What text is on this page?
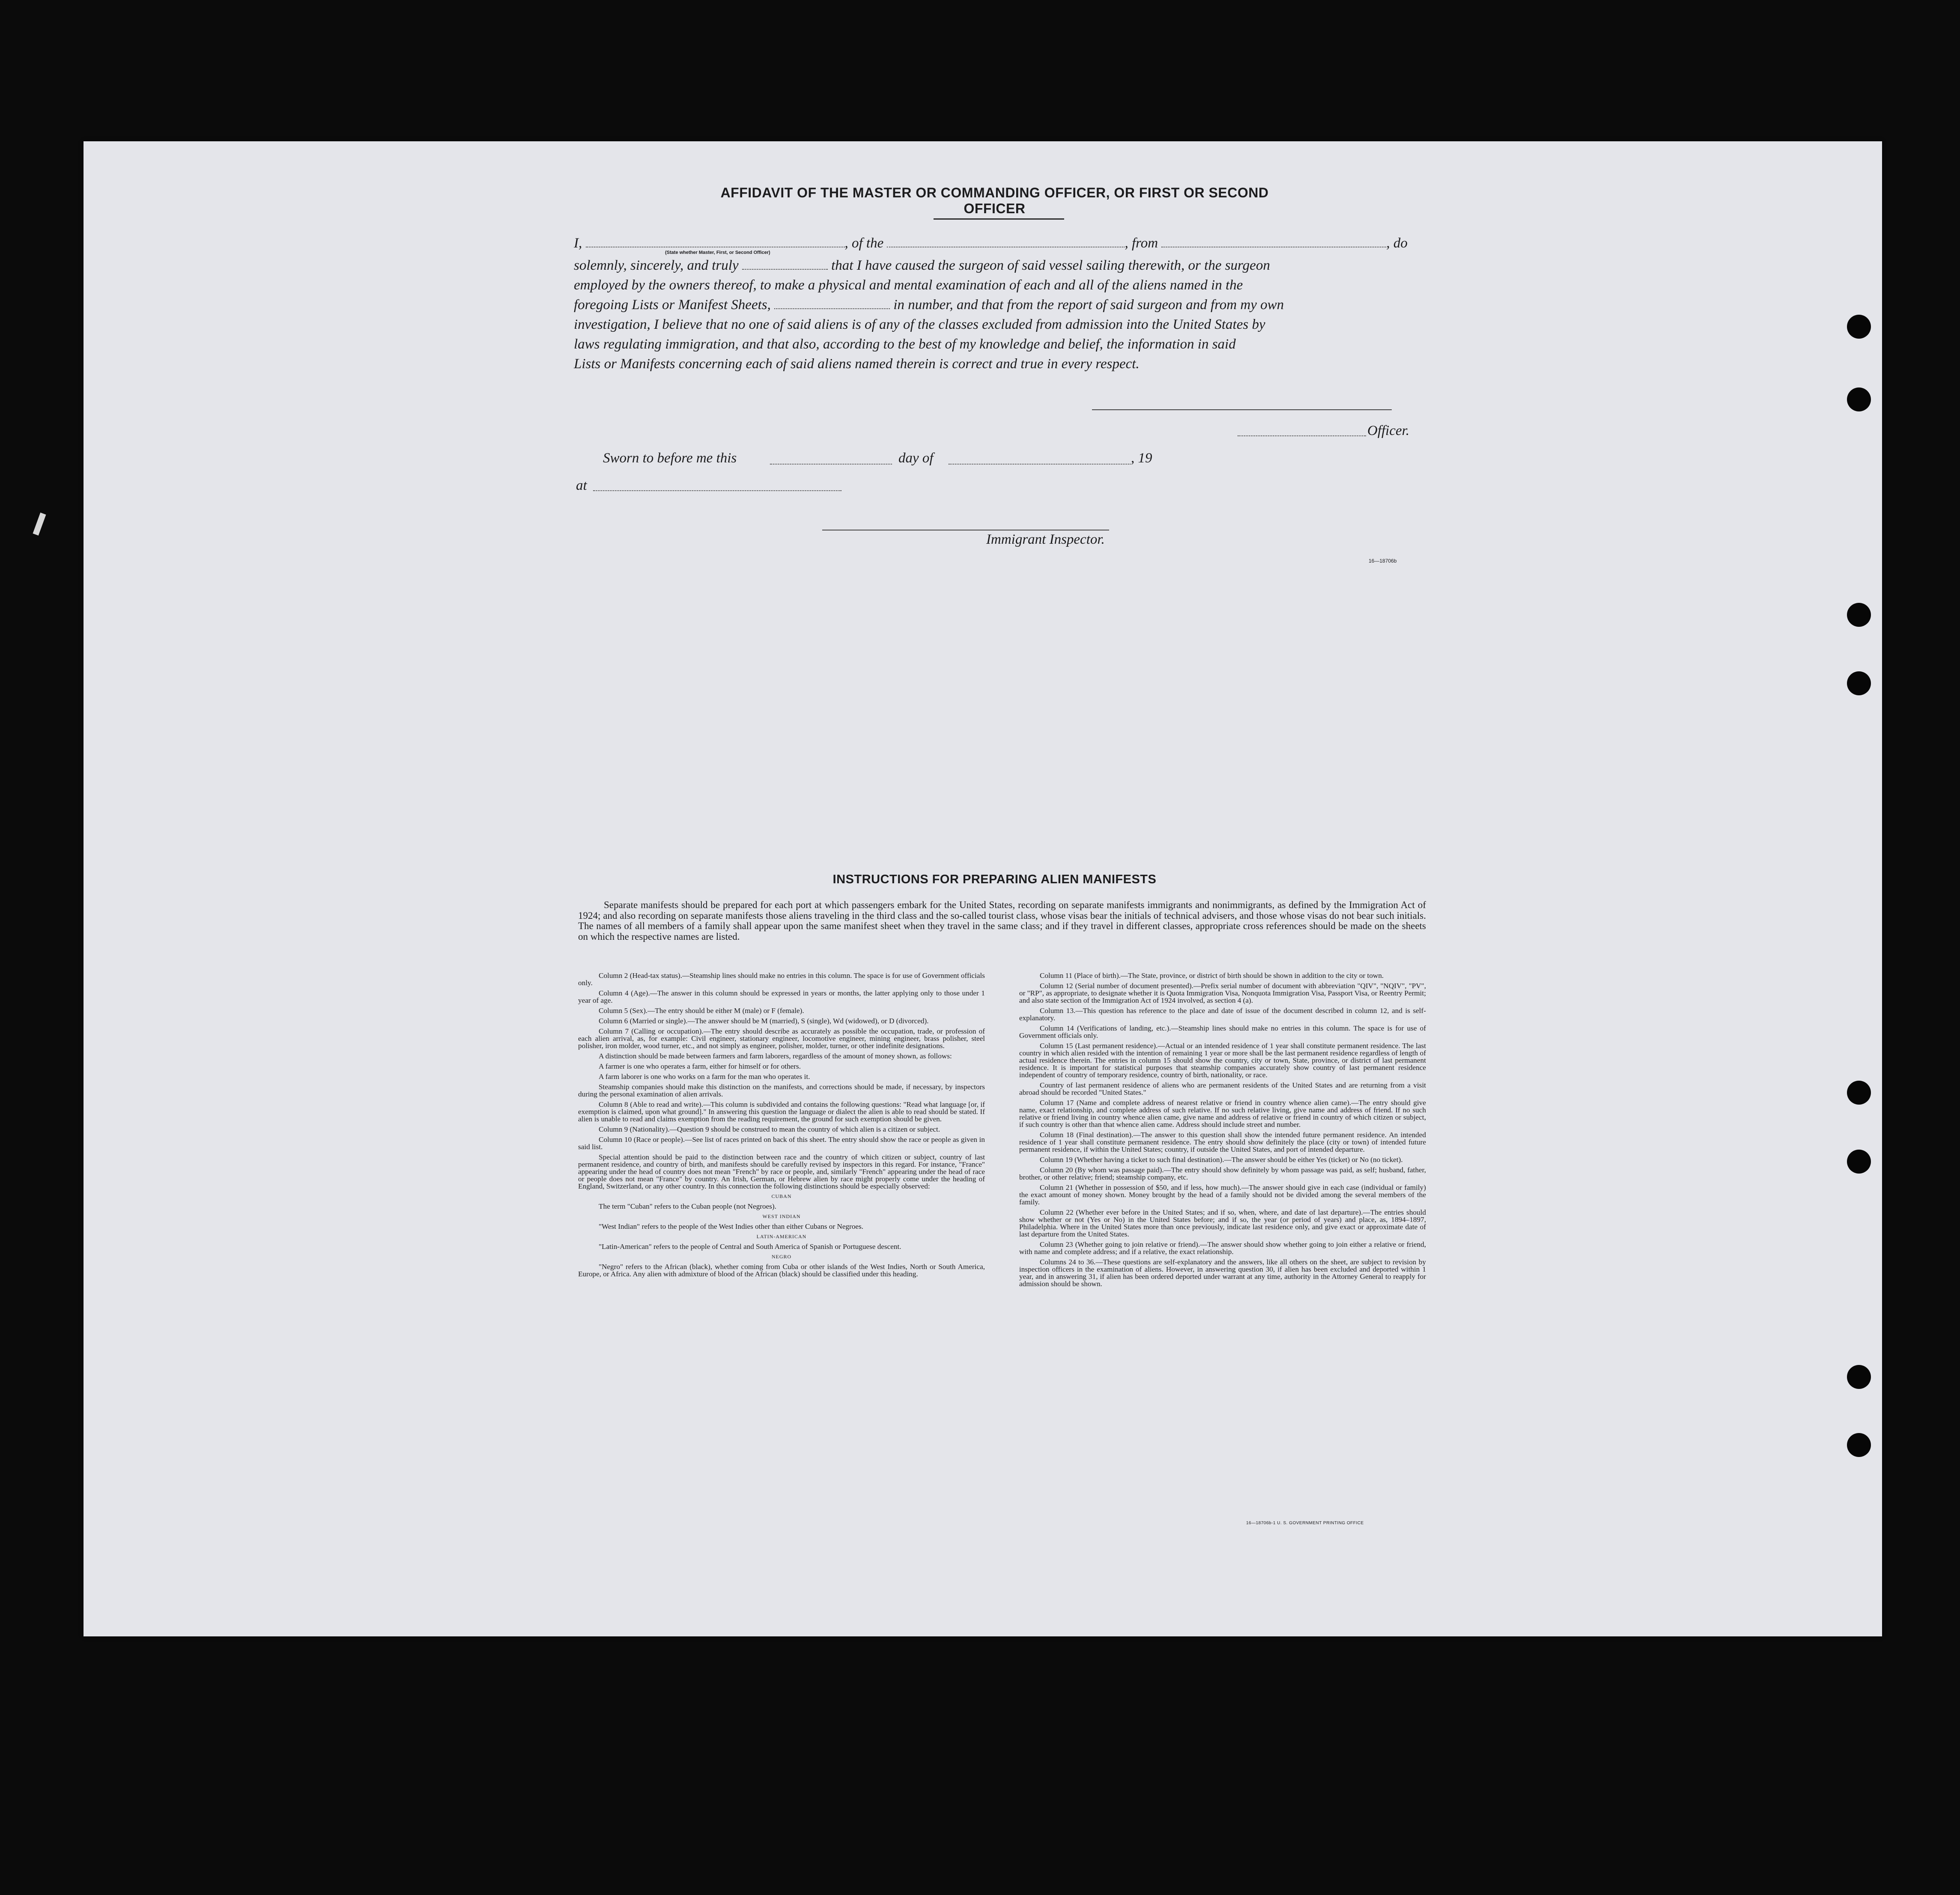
AFFIDAVIT OF THE MASTER OR COMMANDING OFFICER, OR FIRST OR SECOND OFFICER
I,	, of the	, from	, do
(State whether Master, First, or Second Officer)
solemnly, sincerely, and truly	that I have caused the surgeon of said vessel sailing therewith, or the surgeon
employed by the owners thereof, to make a physical and mental examination of each and all of the aliens named in the
foregoing Lists or Manifest Sheets,	in number, and that from the report of said surgeon and from my own
investigation, I believe that no one of said aliens is of any of the classes excluded from admission into the United States by
laws regulating immigration, and that also, according to the best of my knowledge and belief, the information in said
Lists or Manifests concerning each of said aliens named therein is correct and true in every respect.
Officer.
Sworn to before me this	day of	, 19
at
Immigrant Inspector.
16—18706b
INSTRUCTIONS FOR PREPARING ALIEN MANIFESTS
Separate manifests should be prepared for each port at which passengers embark for the United States, recording on separate manifests immigrants and nonimmigrants, as defined by the Immigration Act of 1924; and also recording on separate manifests those aliens traveling in the third class and the so-called tourist class, whose visas bear the initials of technical advisers, and those whose visas do not bear such initials. The names of all members of a family shall appear upon the same manifest sheet when they travel in the same class; and if they travel in different classes, appropriate cross references should be made on the sheets on which the respective names are listed.

Column 2 (Head-tax status).—Steamship lines should make no entries in this column. The space is for use of Government officials only.

Column 4 (Age).—The answer in this column should be expressed in years or months, the latter applying only to those under 1 year of age.

Column 5 (Sex).—The entry should be either M (male) or F (female).

Column 6 (Married or single).—The answer should be M (married), S (single), Wd (widowed), or D (divorced).

Column 7 (Calling or occupation).—The entry should describe as accurately as possible the occupation, trade, or profession of each alien arrival, as, for example: Civil engineer, stationary engineer, locomotive engineer, mining engineer, brass polisher, steel polisher, iron molder, wood turner, etc., and not simply as engineer, polisher, molder, turner, or other indefinite designations.

A distinction should be made between farmers and farm laborers, regardless of the amount of money shown, as follows:

A farmer is one who operates a farm, either for himself or for others.

A farm laborer is one who works on a farm for the man who operates it.

Steamship companies should make this distinction on the manifests, and corrections should be made, if necessary, by inspectors during the personal examination of alien arrivals.

Column 8 (Able to read and write).—This column is subdivided and contains the following questions: "Read what language [or, if exemption is claimed, upon what ground]." In answering this question the language or dialect the alien is able to read should be stated. If alien is unable to read and claims exemption from the reading requirement, the ground for such exemption should be given.

Column 9 (Nationality).—Question 9 should be construed to mean the country of which alien is a citizen or subject.

Column 10 (Race or people).—See list of races printed on back of this sheet. The entry should show the race or people as given in said list.

Special attention should be paid to the distinction between race and the country of which citizen or subject, country of last permanent residence, and country of birth, and manifests should be carefully revised by inspectors in this regard. For instance, "France" appearing under the head of country does not mean "French" by race or people, and, similarly "French" appearing under the head of race or people does not mean "France" by country. An Irish, German, or Hebrew alien by race might properly come under the heading of England, Switzerland, or any other country. In this connection the following distinctions should be especially observed:

CUBAN

The term "Cuban" refers to the Cuban people (not Negroes).

WEST INDIAN

"West Indian" refers to the people of the West Indies other than either Cubans or Negroes.

LATIN-AMERICAN

"Latin-American" refers to the people of Central and South America of Spanish or Portuguese descent.

NEGRO

"Negro" refers to the African (black), whether coming from Cuba or other islands of the West Indies, North or South America, Europe, or Africa. Any alien with admixture of blood of the African (black) should be classified under this heading.

Column 11 (Place of birth).—The State, province, or district of birth should be shown in addition to the city or town.

Column 12 (Serial number of document presented).—Prefix serial number of document with abbreviation "QIV", "NQIV", "PV", or "RP", as appropriate, to designate whether it is Quota Immigration Visa, Nonquota Immigration Visa, Passport Visa, or Reentry Permit; and also state section of the Immigration Act of 1924 involved, as section 4 (a).

Column 13.—This question has reference to the place and date of issue of the document described in column 12, and is self-explanatory.

Column 14 (Verifications of landing, etc.).—Steamship lines should make no entries in this column. The space is for use of Government officials only.

Column 15 (Last permanent residence).—Actual or an intended residence of 1 year shall constitute permanent residence. The last country in which alien resided with the intention of remaining 1 year or more shall be the last permanent residence regardless of length of actual residence therein. The entries in column 15 should show the country, city or town, State, province, or district of last permanent residence. It is important for statistical purposes that steamship companies accurately show country of last permanent residence independent of country of temporary residence, country of birth, nationality, or race.

Country of last permanent residence of aliens who are permanent residents of the United States and are returning from a visit abroad should be recorded "United States."

Column 17 (Name and complete address of nearest relative or friend in country whence alien came).—The entry should give name, exact relationship, and complete address of such relative. If no such relative living, give name and address of friend. If no such relative or friend living in country whence alien came, give name and address of relative or friend in country of which citizen or subject, if such country is other than that whence alien came. Address should include street and number.

Column 18 (Final destination).—The answer to this question shall show the intended future permanent residence. An intended residence of 1 year shall constitute permanent residence. The entry should show definitely the place (city or town) of intended future permanent residence, if within the United States; country, if outside the United States, and port of intended departure.

Column 19 (Whether having a ticket to such final destination).—The answer should be either Yes (ticket) or No (no ticket).

Column 20 (By whom was passage paid).—The entry should show definitely by whom passage was paid, as self; husband, father, brother, or other relative; friend; steamship company, etc.

Column 21 (Whether in possession of $50, and if less, how much).—The answer should give in each case (individual or family) the exact amount of money shown. Money brought by the head of a family should not be divided among the several members of the family.

Column 22 (Whether ever before in the United States; and if so, when, where, and date of last departure).—The entries should show whether or not (Yes or No) in the United States before; and if so, the year (or period of years) and place, as, 1894–1897, Philadelphia. Where in the United States more than once previously, indicate last residence only, and give exact or approximate date of last departure from the United States.

Column 23 (Whether going to join relative or friend).—The answer should show whether going to join either a relative or friend, with name and complete address; and if a relative, the exact relationship.

Columns 24 to 36.—These questions are self-explanatory and the answers, like all others on the sheet, are subject to revision by inspection officers in the examination of aliens. However, in answering question 30, if alien has been excluded and deported within 1 year, and in answering 31, if alien has been ordered deported under warrant at any time, authority in the Attorney General to reapply for admission should be shown.

16—18706b-1 U. S. GOVERNMENT PRINTING OFFICE
